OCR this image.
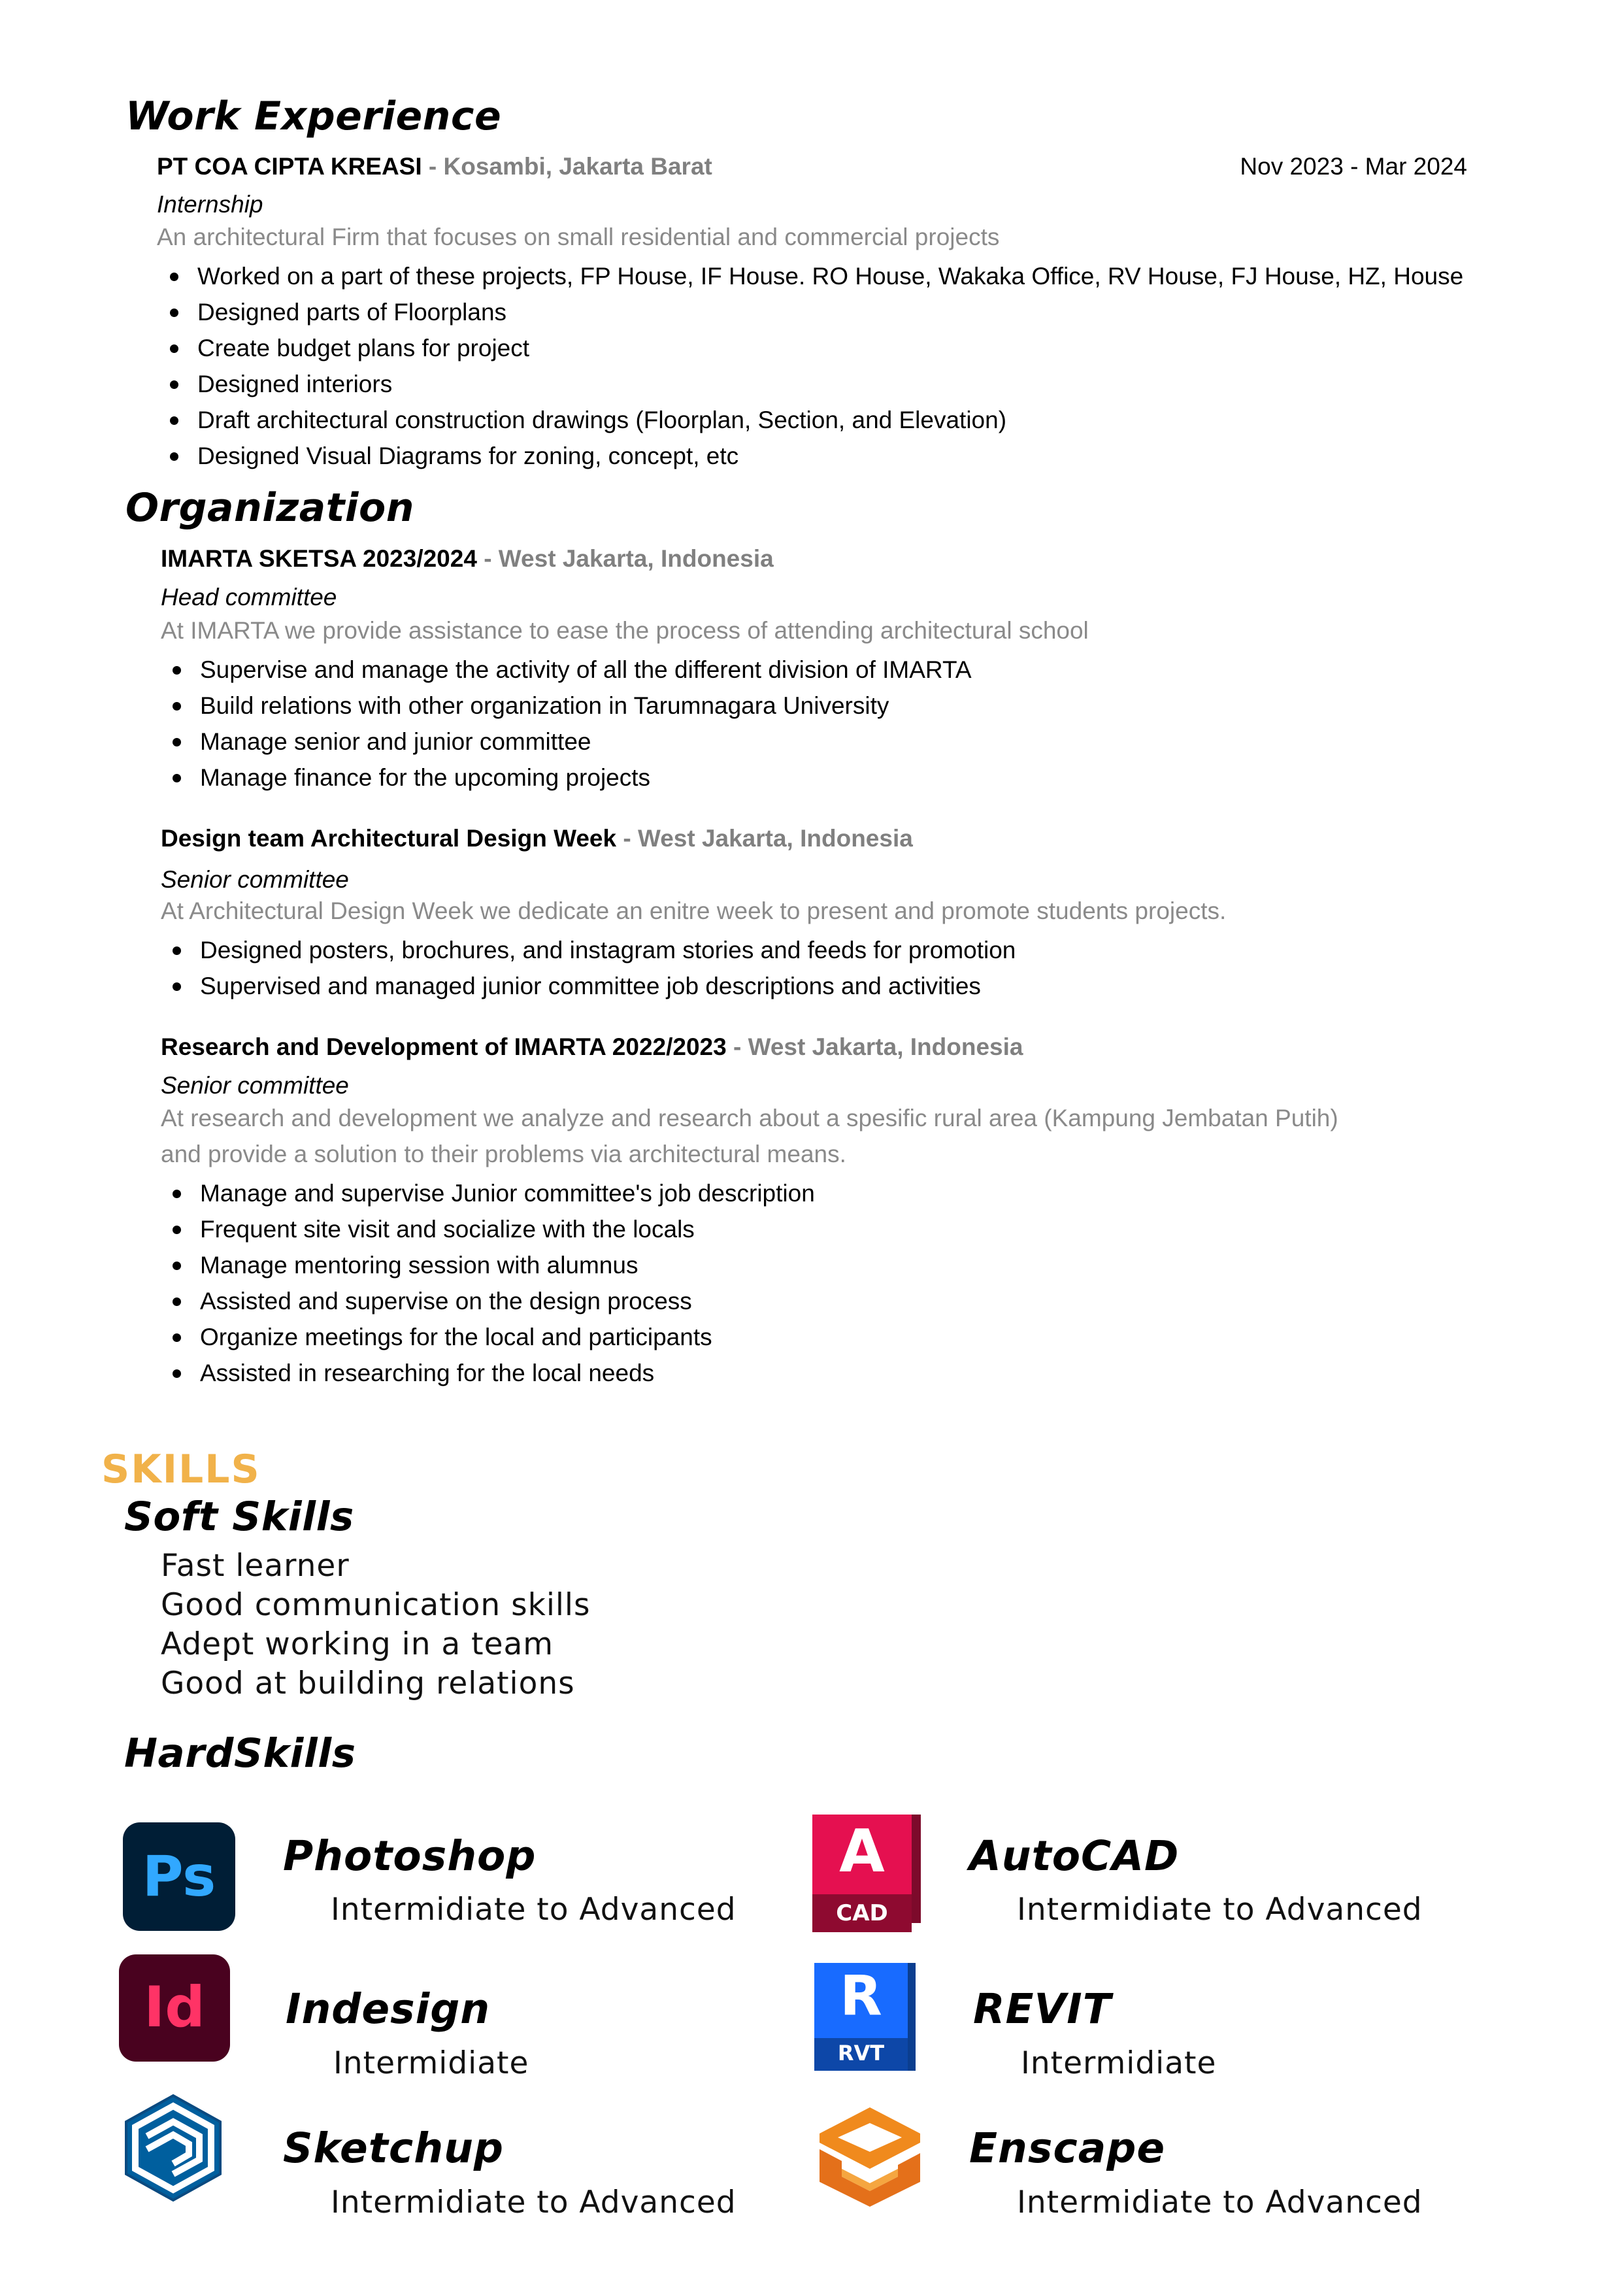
Work Experience
PT COA CIPTA KREASI - Kosambi, Jakarta Barat	Nov 2023 - Mar 2024
Internship
An architectural Firm that focuses on small residential and commercial projects
Worked on a part of these projects, FP House, IF House. RO House, Wakaka Office, RV House, FJ House, HZ, House
Designed parts of Floorplans
Create budget plans for project
Designed interiors
Draft architectural construction drawings (Floorplan, Section, and Elevation)
Designed Visual Diagrams for zoning, concept, etc
Organization
IMARTA SKETSA 2023/2024 - West Jakarta, Indonesia
Head committee
At IMARTA we provide assistance to ease the process of attending architectural school
Supervise and manage the activity of all the different division of IMARTA
Build relations with other organization in Tarumnagara University
Manage senior and junior committee
Manage finance for the upcoming projects
Design team Architectural Design Week - West Jakarta, Indonesia
Senior committee
At Architectural Design Week we dedicate an enitre week to present and promote students projects.
Designed posters, brochures, and instagram stories and feeds for promotion
Supervised and managed junior committee job descriptions and activities
Research and Development of IMARTA 2022/2023 - West Jakarta, Indonesia
Senior committee
At research and development we analyze and research about a spesific rural area (Kampung Jembatan Putih)
and provide a solution to their problems via architectural means.
Manage and supervise Junior committee's job description
Frequent site visit and socialize with the locals
Manage mentoring session with alumnus
Assisted and supervise on the design process
Organize meetings for the local and participants
Assisted in researching for the local needs
SKILLS
Soft Skills
Fast learner
Good communication skills
Adept working in a team
Good at building relations
HardSkills
Ps	Photoshop
Intermidiate to Advanced
A
CAD
AutoCAD
Intermidiate to Advanced
Id	Indesign
Intermidiate
R
RVT
REVIT
Intermidiate
Sketchup
Intermidiate to Advanced
Enscape
Intermidiate to Advanced
